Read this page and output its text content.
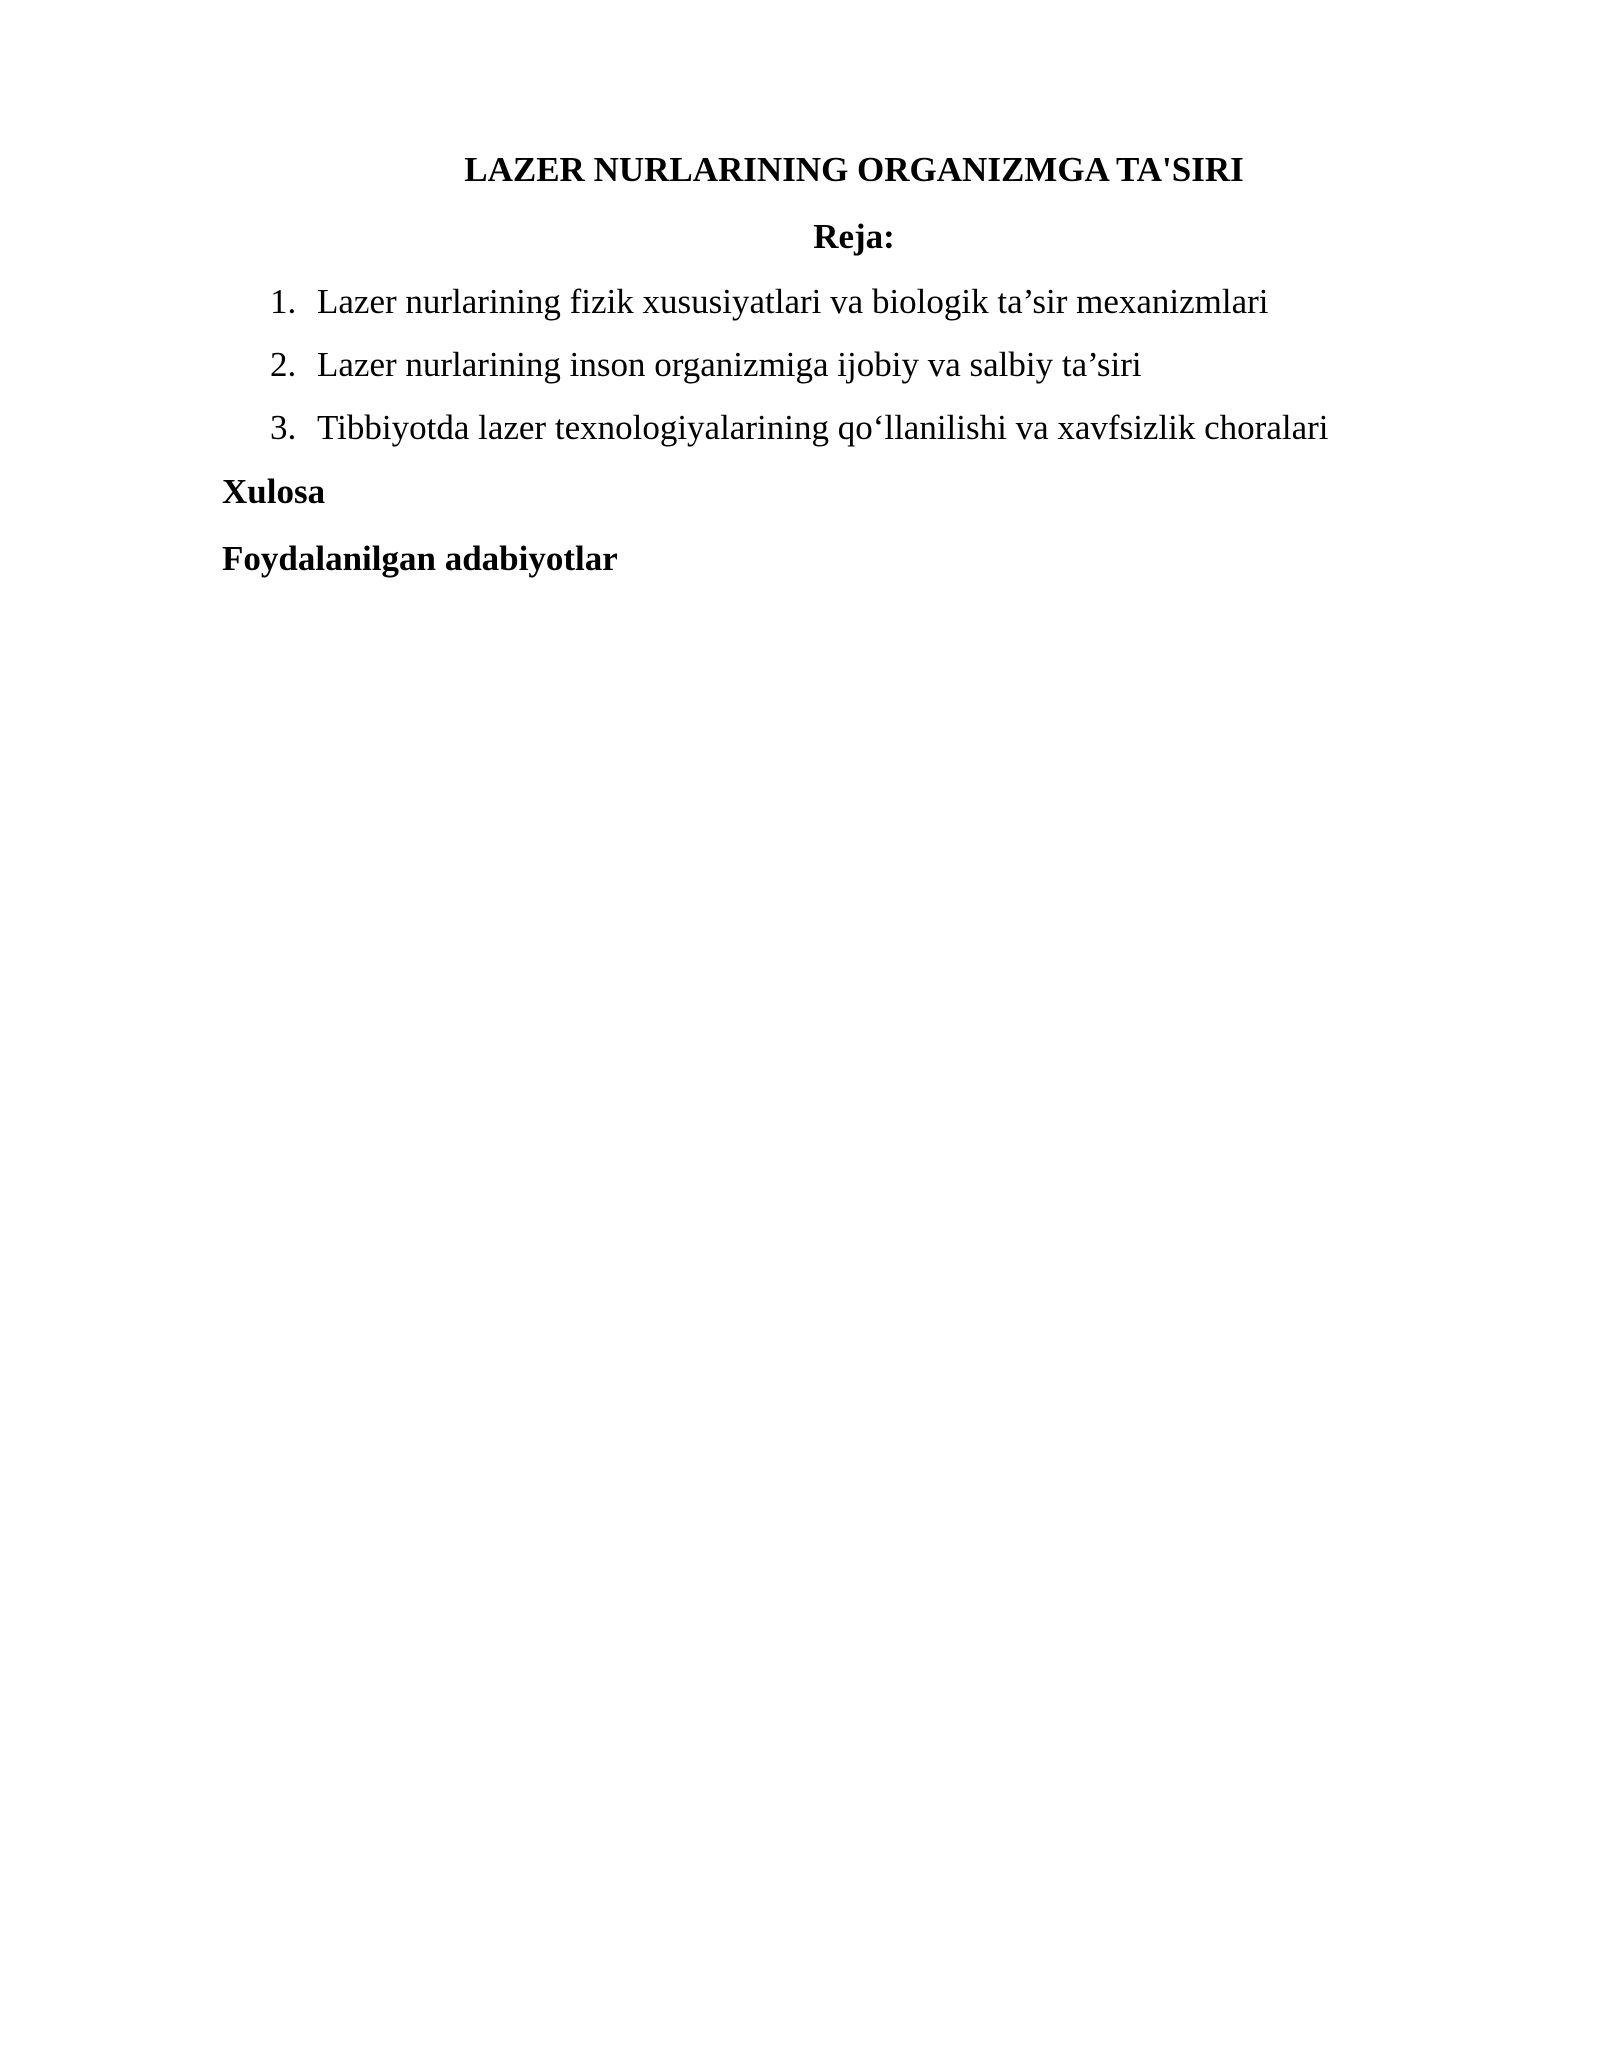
LAZER NURLARINING ORGANIZMGA TA'SIRI
Reja:
1. Lazer nurlarining fizik xususiyatlari va biologik ta’sir mexanizmlari
2. Lazer nurlarining inson organizmiga ijobiy va salbiy ta’siri
3. Tibbiyotda lazer texnologiyalarining qo‘llanilishi va xavfsizlik choralari
Xulosa
Foydalanilgan adabiyotlar
